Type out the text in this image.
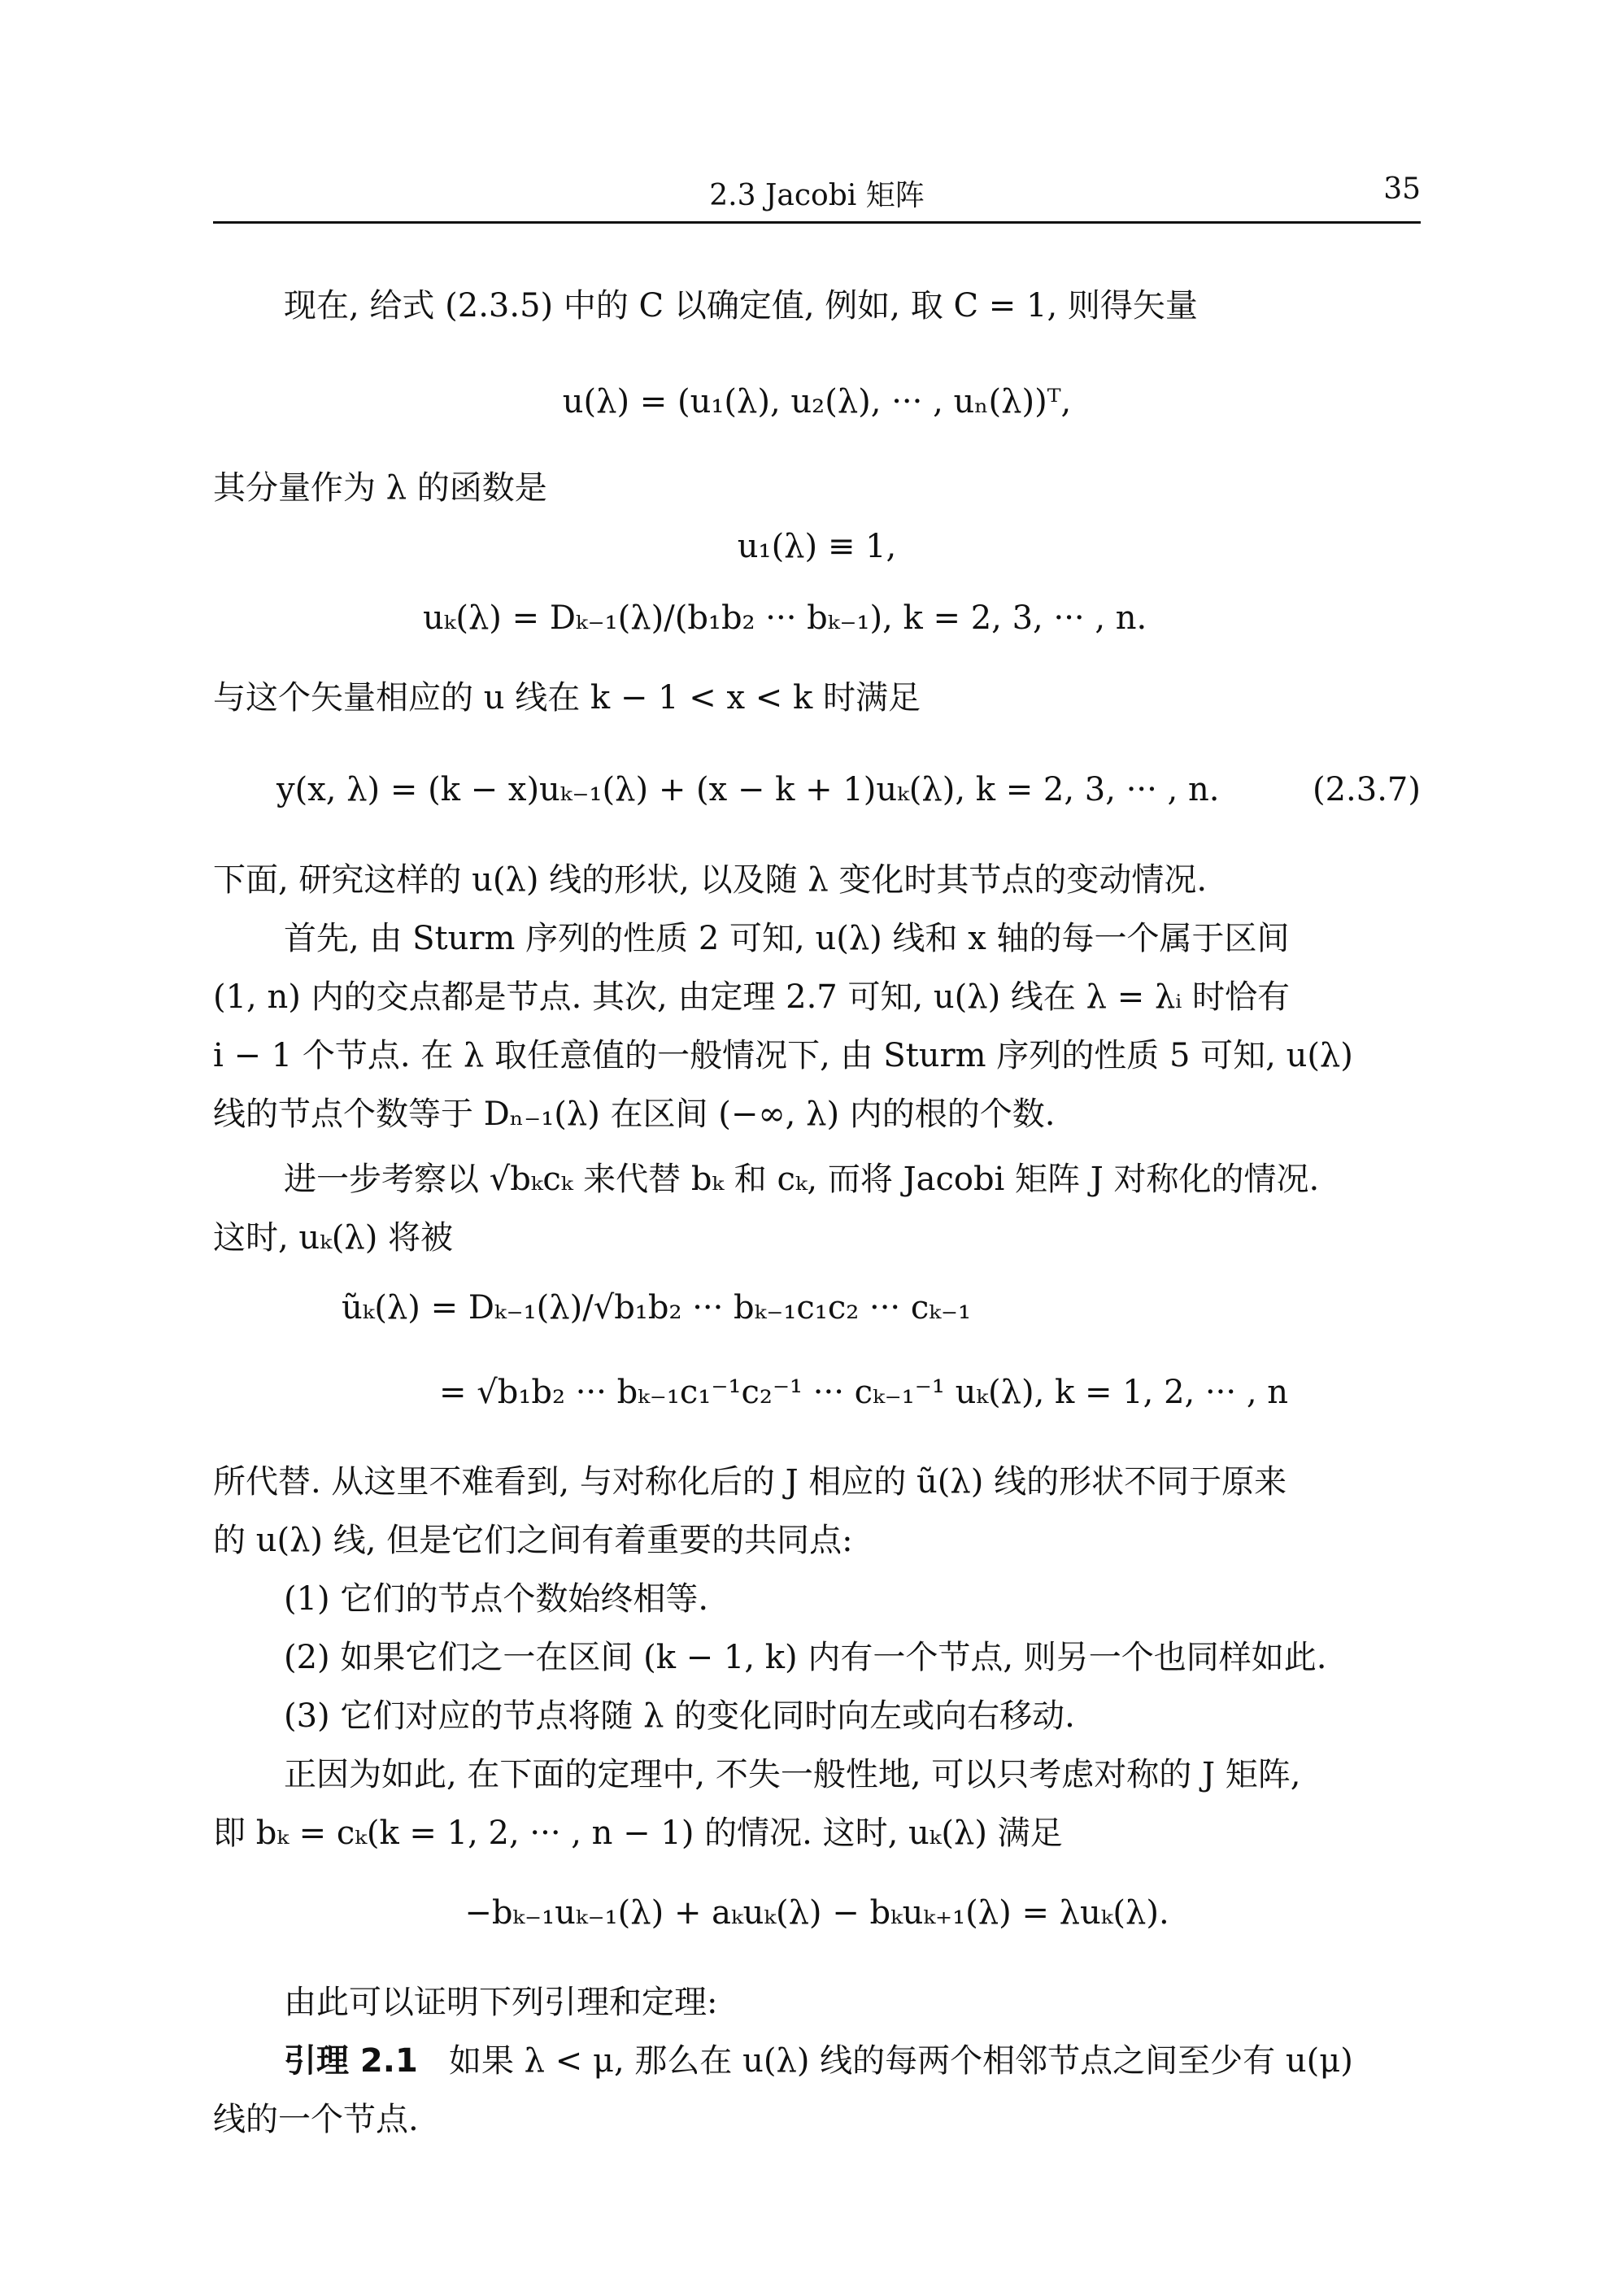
2.3 Jacobi 矩阵	35
现在, 给式 (2.3.5) 中的 C 以确定值, 例如, 取 C = 1, 则得矢量
u(λ) = (u₁(λ), u₂(λ), ··· , uₙ(λ))ᵀ,
其分量作为 λ 的函数是
u₁(λ) ≡ 1,
uₖ(λ) = Dₖ₋₁(λ)/(b₁b₂ ··· bₖ₋₁), k = 2, 3, ··· , n.
与这个矢量相应的 u 线在 k − 1 < x < k 时满足
y(x, λ) = (k − x)uₖ₋₁(λ) + (x − k + 1)uₖ(λ), k = 2, 3, ··· , n.	(2.3.7)
下面, 研究这样的 u(λ) 线的形状, 以及随 λ 变化时其节点的变动情况.
首先, 由 Sturm 序列的性质 2 可知, u(λ) 线和 x 轴的每一个属于区间
(1, n) 内的交点都是节点. 其次, 由定理 2.7 可知, u(λ) 线在 λ = λᵢ 时恰有
i − 1 个节点. 在 λ 取任意值的一般情况下, 由 Sturm 序列的性质 5 可知, u(λ)
线的节点个数等于 Dₙ₋₁(λ) 在区间 (−∞, λ) 内的根的个数.
进一步考察以 √bₖcₖ 来代替 bₖ 和 cₖ, 而将 Jacobi 矩阵 J 对称化的情况.
这时, uₖ(λ) 将被
ũₖ(λ) = Dₖ₋₁(λ)/√b₁b₂ ··· bₖ₋₁c₁c₂ ··· cₖ₋₁
= √b₁b₂ ··· bₖ₋₁c₁⁻¹c₂⁻¹ ··· cₖ₋₁⁻¹ uₖ(λ), k = 1, 2, ··· , n
所代替. 从这里不难看到, 与对称化后的 J 相应的 ũ(λ) 线的形状不同于原来
的 u(λ) 线, 但是它们之间有着重要的共同点:
(1) 它们的节点个数始终相等.
(2) 如果它们之一在区间 (k − 1, k) 内有一个节点, 则另一个也同样如此.
(3) 它们对应的节点将随 λ 的变化同时向左或向右移动.
正因为如此, 在下面的定理中, 不失一般性地, 可以只考虑对称的 J 矩阵,
即 bₖ = cₖ(k = 1, 2, ··· , n − 1) 的情况. 这时, uₖ(λ) 满足
−bₖ₋₁uₖ₋₁(λ) + aₖuₖ(λ) − bₖuₖ₊₁(λ) = λuₖ(λ).
由此可以证明下列引理和定理:
引理 2.1 如果 λ < μ, 那么在 u(λ) 线的每两个相邻节点之间至少有 u(μ)
线的一个节点.
